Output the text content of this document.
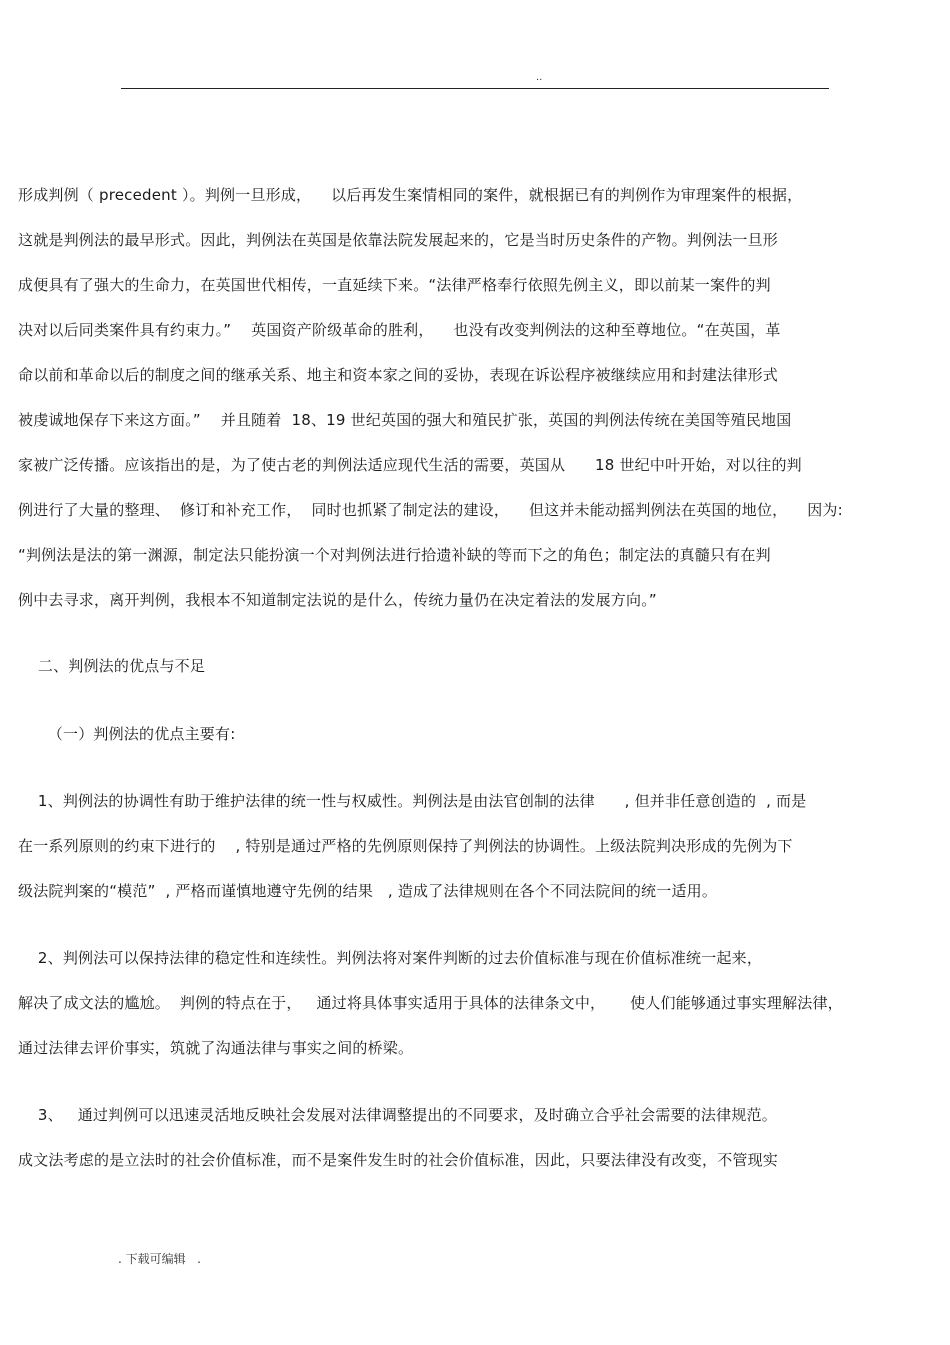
..
形成判例（ precedent ）。判例一旦形成，    以后再发生案情相同的案件，就根据已有的判例作为审理案件的根据，
这就是判例法的最早形式。因此，判例法在英国是依靠法院发展起来的，它是当时历史条件的产物。判例法一旦形
成便具有了强大的生命力，在英国世代相传，一直延续下来。“法律严格奉行依照先例主义，即以前某一案件的判
决对以后同类案件具有约束力。”    英国资产阶级革命的胜利，    也没有改变判例法的这种至尊地位。“在英国，革
命以前和革命以后的制度之间的继承关系、地主和资本家之间的妥协，表现在诉讼程序被继续应用和封建法律形式
被虔诚地保存下来这方面。”    并且随着  18、19 世纪英国的强大和殖民扩张，英国的判例法传统在美国等殖民地国
家被广泛传播。应该指出的是，为了使古老的判例法适应现代生活的需要，英国从      18 世纪中叶开始，对以往的判
例进行了大量的整理、  修订和补充工作，  同时也抓紧了制定法的建设，    但这并未能动摇判例法在英国的地位，    因为:
“判例法是法的第一渊源，制定法只能扮演一个对判例法进行拾遗补缺的等而下之的角色；制定法的真髓只有在判
例中去寻求，离开判例，我根本不知道制定法说的是什么，传统力量仍在决定着法的发展方向。”
二、判例法的优点与不足
（一）判例法的优点主要有:
1、判例法的协调性有助于维护法律的统一性与权威性。判例法是由法官创制的法律      , 但并非任意创造的  , 而是
在一系列原则的约束下进行的    , 特别是通过严格的先例原则保持了判例法的协调性。上级法院判决形成的先例为下
级法院判案的“模范”  , 严格而谨慎地遵守先例的结果   , 造成了法律规则在各个不同法院间的统一适用。
2、判例法可以保持法律的稳定性和连续性。判例法将对案件判断的过去价值标准与现在价值标准统一起来，
解决了成文法的尴尬。  判例的特点在于，   通过将具体事实适用于具体的法律条文中，     使人们能够通过事实理解法律，
通过法律去评价事实，筑就了沟通法律与事实之间的桥梁。
3、   通过判例可以迅速灵活地反映社会发展对法律调整提出的不同要求，及时确立合乎社会需要的法律规范。
成文法考虑的是立法时的社会价值标准，而不是案件发生时的社会价值标准，因此，只要法律没有改变，不管现实
. 下载可编辑   .
